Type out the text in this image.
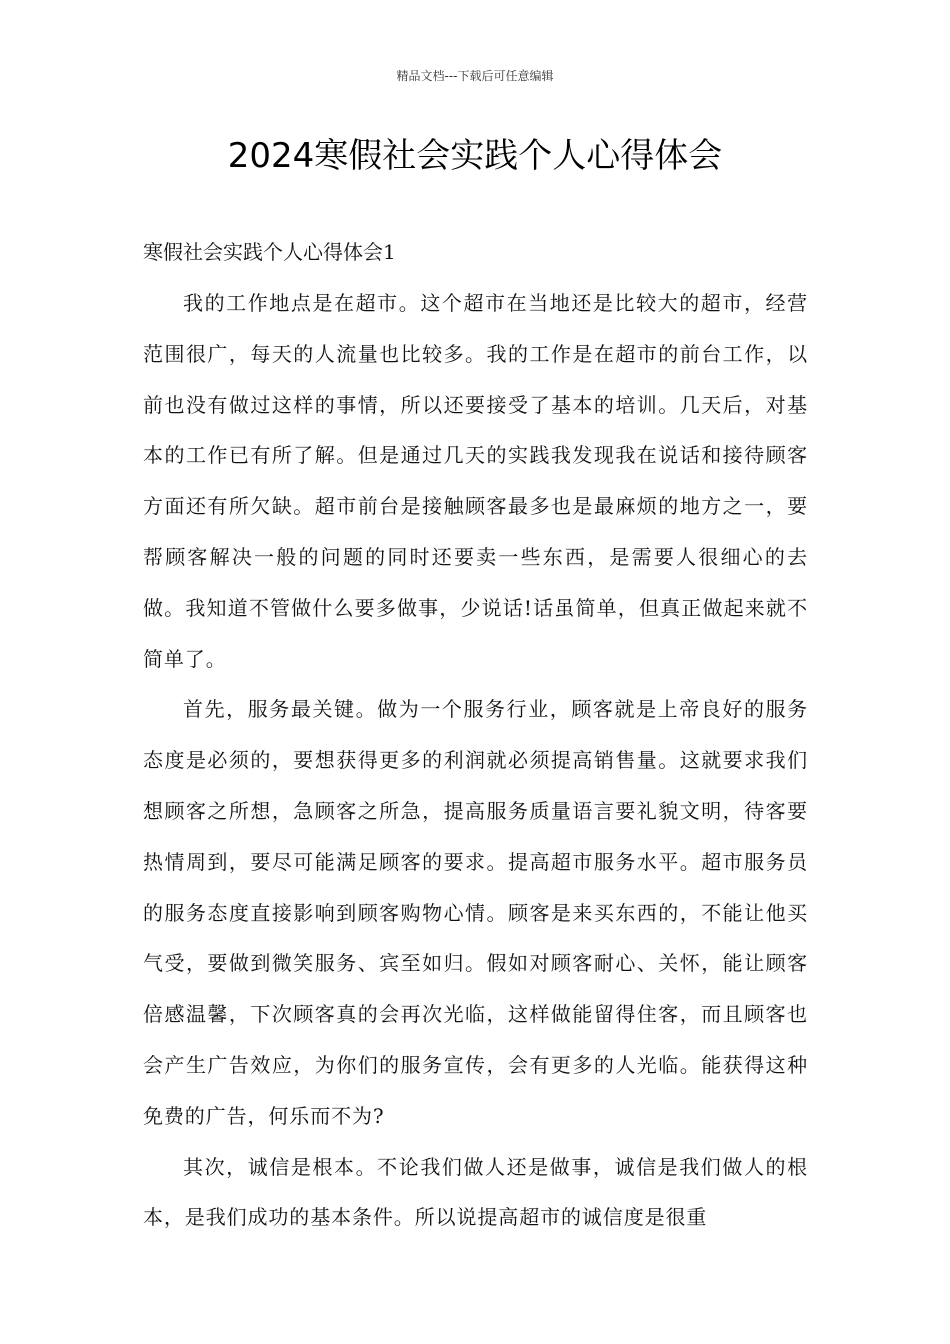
精品文档---下载后可任意编辑
2024寒假社会实践个人心得体会
寒假社会实践个人心得体会1

我的工作地点是在超市。这个超市在当地还是比较大的超市，经营范围很广，每天的人流量也比较多。我的工作是在超市的前台工作，以前也没有做过这样的事情，所以还要接受了基本的培训。几天后，对基本的工作已有所了解。但是通过几天的实践我发现我在说话和接待顾客方面还有所欠缺。超市前台是接触顾客最多也是最麻烦的地方之一，要帮顾客解决一般的问题的同时还要卖一些东西，是需要人很细心的去做。我知道不管做什么要多做事，少说话!话虽简单，但真正做起来就不简单了。

首先，服务最关键。做为一个服务行业，顾客就是上帝良好的服务态度是必须的，要想获得更多的利润就必须提高销售量。这就要求我们想顾客之所想，急顾客之所急，提高服务质量语言要礼貌文明，待客要热情周到，要尽可能满足顾客的要求。提高超市服务水平。超市服务员的服务态度直接影响到顾客购物心情。顾客是来买东西的，不能让他买气受，要做到微笑服务、宾至如归。假如对顾客耐心、关怀，能让顾客倍感温馨，下次顾客真的会再次光临，这样做能留得住客，而且顾客也会产生广告效应，为你们的服务宣传，会有更多的人光临。能获得这种免费的广告，何乐而不为?

其次，诚信是根本。不论我们做人还是做事，诚信是我们做人的根本，是我们成功的基本条件。所以说提高超市的诚信度是很重
